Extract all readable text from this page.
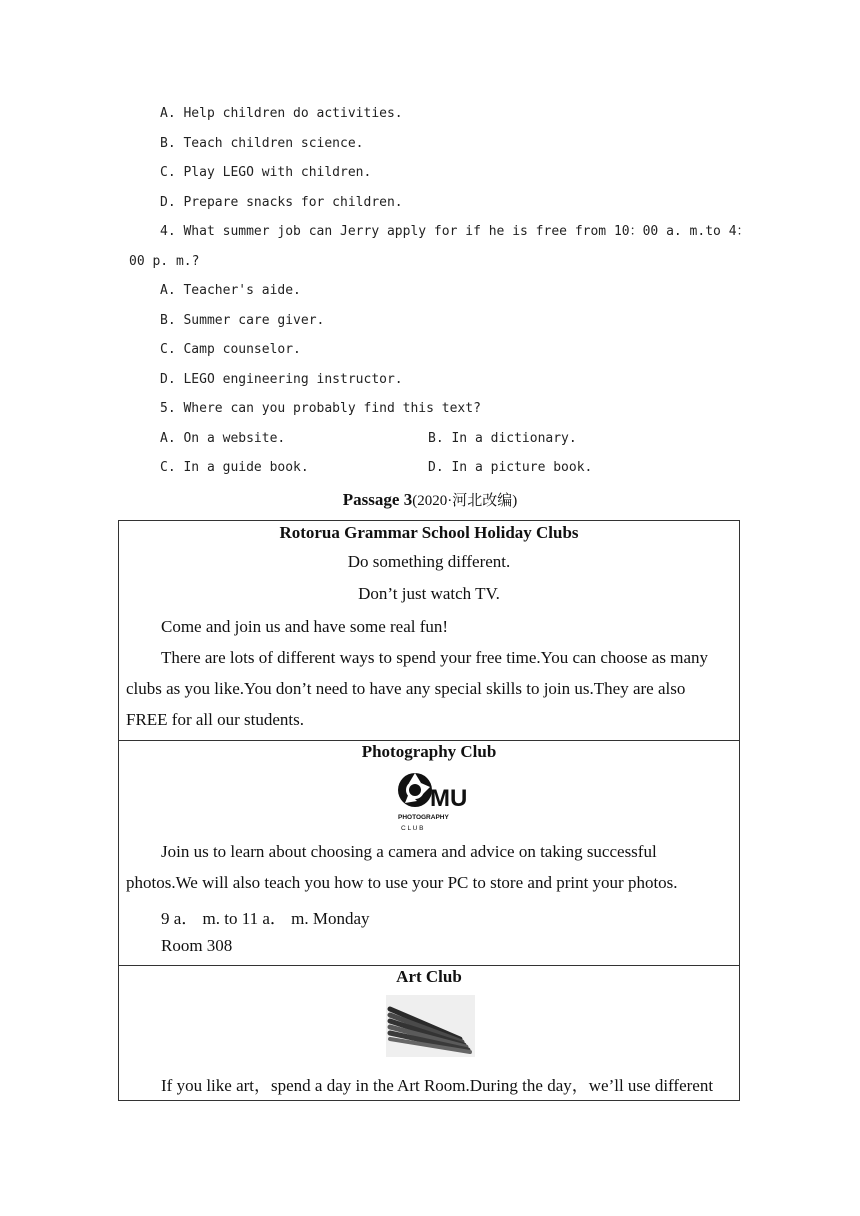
A. Help children do activities.
B. Teach children science.
C. Play LEGO with children.
D. Prepare snacks for children.
4. What summer job can Jerry apply for if he is free from 10：00 a. m.to 4：
00 p. m.?
A. Teacher's aide.
B. Summer care giver.
C. Camp counselor.
D. LEGO engineering instructor.
5. Where can you probably find this text?
A. On a website.	B. In a dictionary.
C. In a guide book.	D. In a picture book.
Passage 3(2020·河北改编)
Rotorua Grammar School Holiday Clubs
Do something different.
Don’t just watch TV.
Come and join us and have some real fun!
There are lots of different ways to spend your free time.You can choose as many
clubs as you like.You don’t need to have any special skills to join us.They are also
FREE for all our students.
Photography Club
MU
PHOTOGRAPHY
C L U B
Join us to learn about choosing a camera and advice on taking successful
photos.We will also teach you how to use your PC to store and print your photos.
9 a． m. to 11 a． m. Monday
Room 308
Art Club
If you like art，spend a day in the Art Room.During the day，we’ll use different
